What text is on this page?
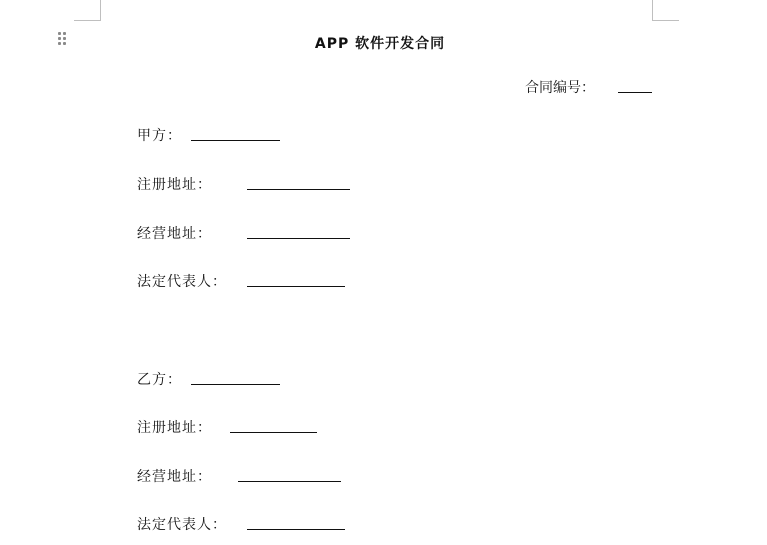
APP 软件开发合同
合同编号：
甲方：
注册地址：
经营地址：
法定代表人：
乙方：
注册地址：
经营地址：
法定代表人：
